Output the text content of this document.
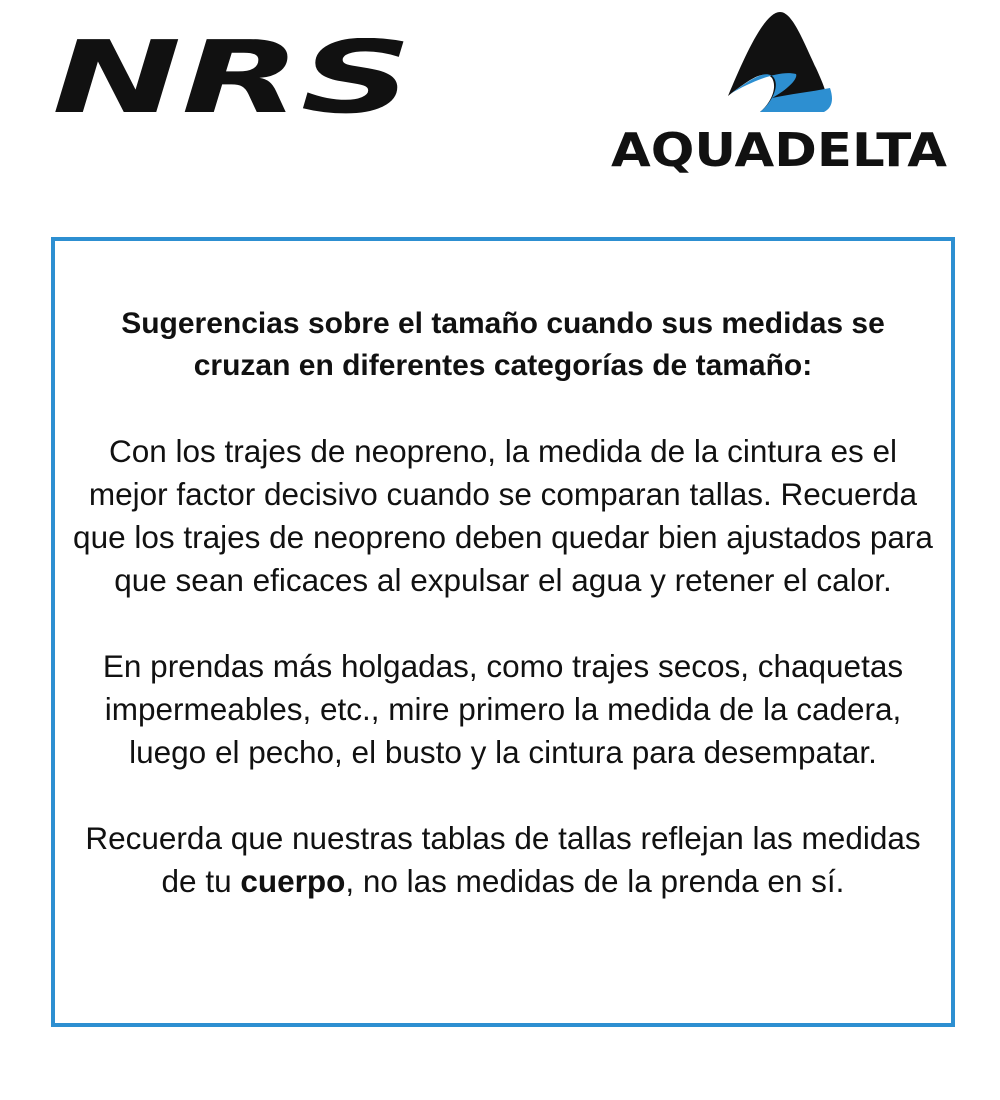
NRS
AQUADELTA
Sugerencias sobre el tamaño cuando sus medidas se
cruzan en diferentes categorías de tamaño:

Con los trajes de neopreno, la medida de la cintura es el mejor factor decisivo cuando se comparan tallas. Recuerda que los trajes de neopreno deben quedar bien ajustados para que sean eficaces al expulsar el agua y retener el calor.

En prendas más holgadas, como trajes secos, chaquetas impermeables, etc., mire primero la medida de la cadera, luego el pecho, el busto y la cintura para desempatar.

Recuerda que nuestras tablas de tallas reflejan las medidas de tu cuerpo, no las medidas de la prenda en sí.
